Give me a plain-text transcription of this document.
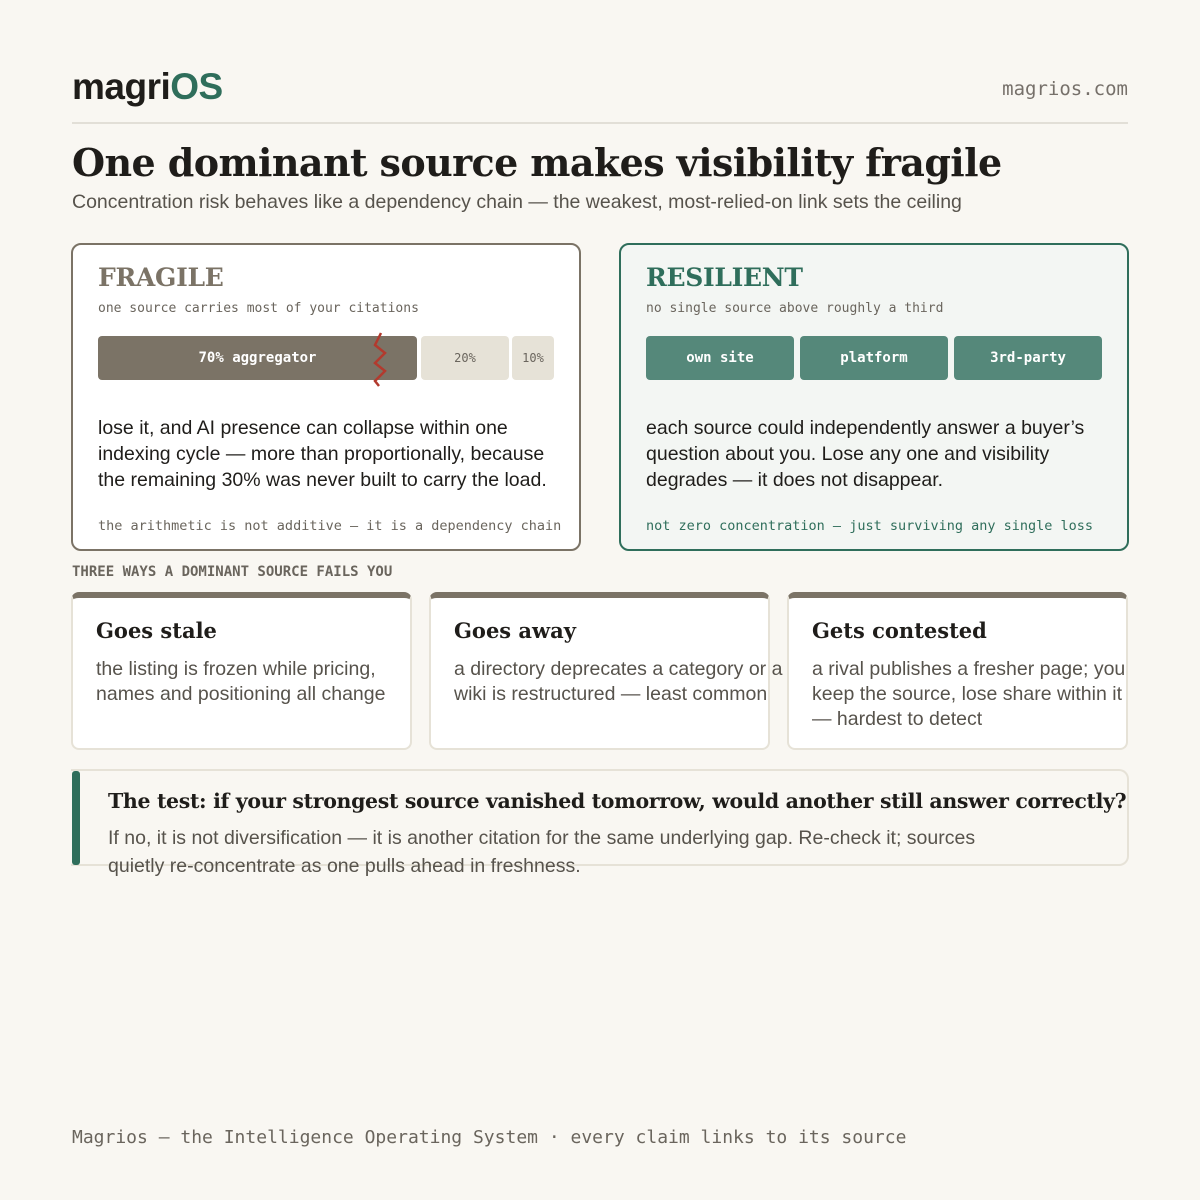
magriOS	magrios.com
One dominant source makes visibility fragile

Concentration risk behaves like a dependency chain — the weakest, most-relied-on link sets the ceiling

FRAGILE
one source carries most of your citations
70% aggregator	20%	10%

lose it, and AI presence can collapse within one indexing cycle — more than proportionally, because the remaining 30% was never built to carry the load.

the arithmetic is not additive — it is a dependency chain
RESILIENT
no single source above roughly a third
own site	platform	3rd-party

each source could independently answer a buyer’s question about you. Lose any one and visibility degrades — it does not disappear.

not zero concentration — just surviving any single loss
THREE WAYS A DOMINANT SOURCE FAILS YOU
Goes stale

the listing is frozen while pricing, names and positioning all change

Goes away

a directory deprecates a category or a wiki is restructured — least common

Gets contested

a rival publishes a fresher page; you keep the source, lose share within it — hardest to detect

The test: if your strongest source vanished tomorrow, would another still answer correctly?

If no, it is not diversification — it is another citation for the same underlying gap. Re-check it; sources quietly re-concentrate as one pulls ahead in freshness.

Magrios — the Intelligence Operating System · every claim links to its source
